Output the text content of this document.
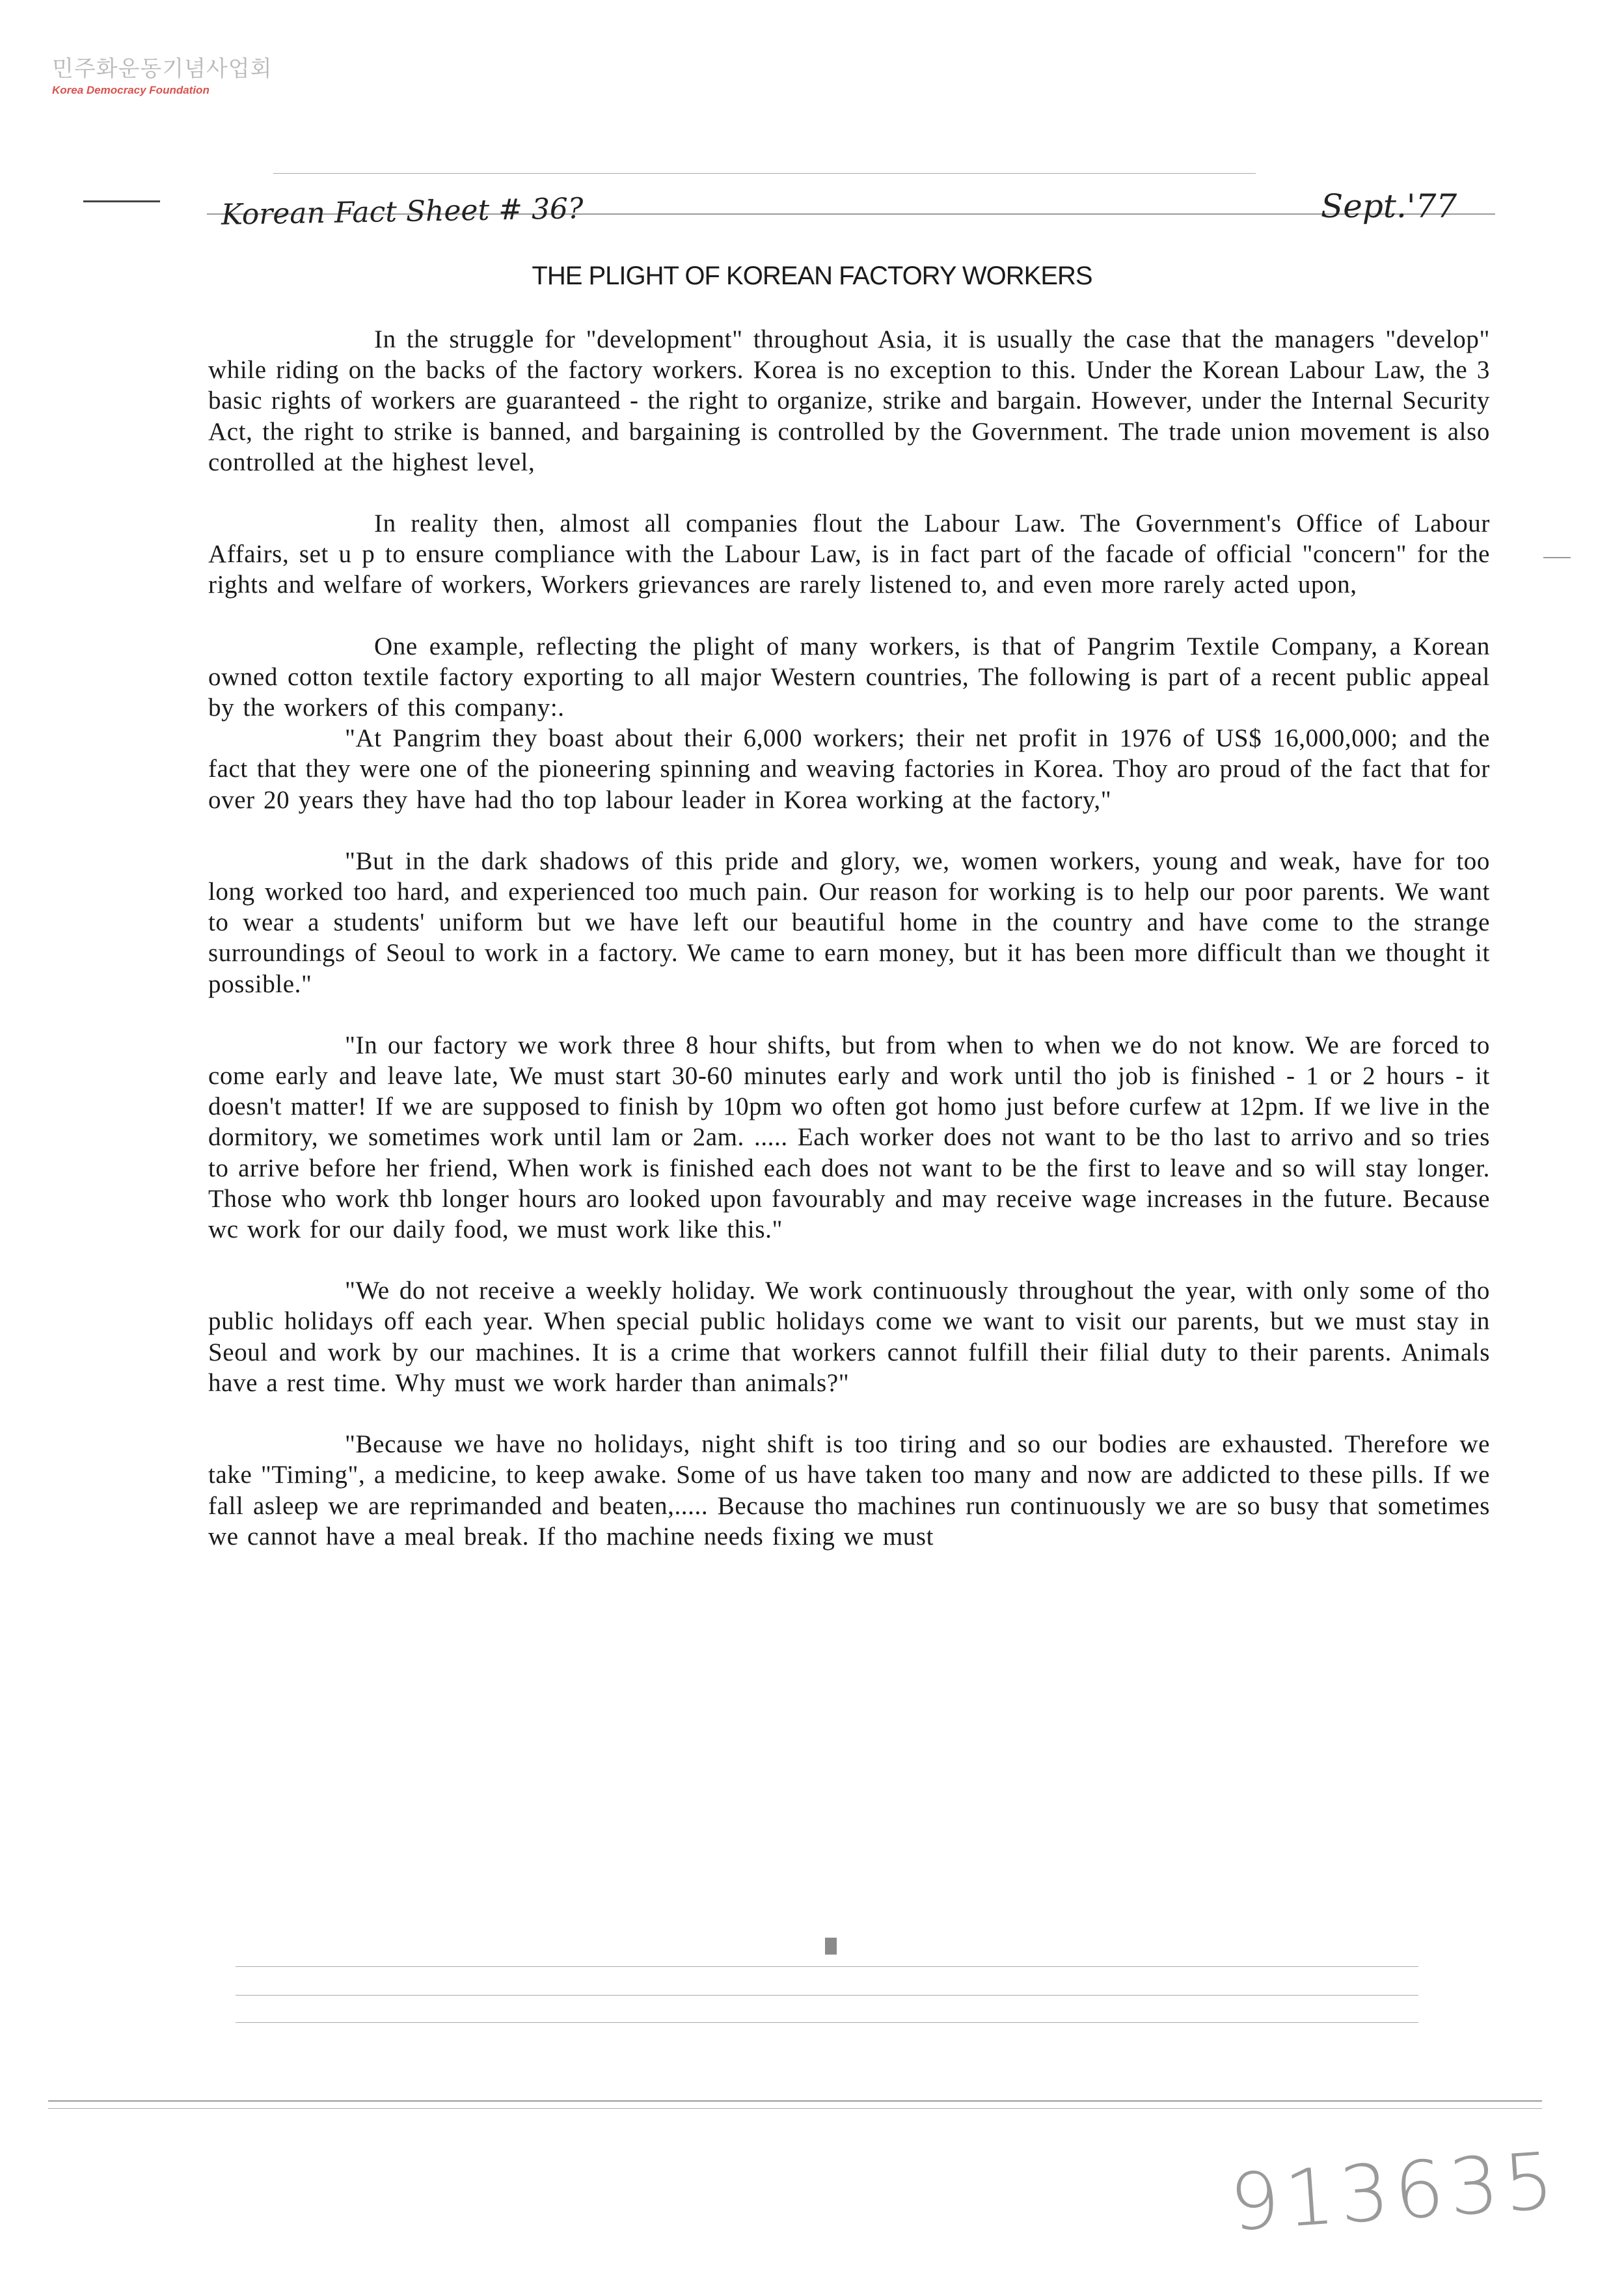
민주화운동기념사업회
Korea Democracy Foundation
Korean Fact Sheet # 36?	Sept.'77
THE PLIGHT OF KOREAN FACTORY WORKERS

In the struggle for "development" throughout Asia, it is usually the case that the managers "develop" while riding on the backs of the factory workers. Korea is no exception to this. Under the Korean Labour Law, the 3 basic rights of workers are guaranteed - the right to organize, strike and bargain. However, under the Internal Security Act, the right to strike is banned, and bargaining is controlled by the Government. The trade union movement is also controlled at the highest level,

In reality then, almost all companies flout the Labour Law. The Government's Office of Labour Affairs, set u p to ensure compliance with the Labour Law, is in fact part of the facade of official "concern" for the rights and welfare of workers, Workers grievances are rarely listened to, and even more rarely acted upon,

One example, reflecting the plight of many workers, is that of Pangrim Textile Company, a Korean owned cotton textile factory exporting to all major Western countries, The following is part of a recent public appeal by the workers of this company:.

"At Pangrim they boast about their 6,000 workers; their net profit in 1976 of US$ 16,000,000; and the fact that they were one of the pioneering spinning and weaving factories in Korea. Thoy aro proud of the fact that for over 20 years they have had tho top labour leader in Korea working at the factory,"

"But in the dark shadows of this pride and glory, we, women workers, young and weak, have for too long worked too hard, and experienced too much pain. Our reason for working is to help our poor parents. We want to wear a students' uniform but we have left our beautiful home in the country and have come to the strange surroundings of Seoul to work in a factory. We came to earn money, but it has been more difficult than we thought it possible."

"In our factory we work three 8 hour shifts, but from when to when we do not know. We are forced to come early and leave late, We must start 30-60 minutes early and work until tho job is finished - 1 or 2 hours - it doesn't matter! If we are supposed to finish by 10pm wo often got homo just before curfew at 12pm. If we live in the dormitory, we sometimes work until lam or 2am. ..... Each worker does not want to be tho last to arrivo and so tries to arrive before her friend, When work is finished each does not want to be the first to leave and so will stay longer. Those who work thb longer hours aro looked upon favourably and may receive wage increases in the future. Because wc work for our daily food, we must work like this."

"We do not receive a weekly holiday. We work continuously throughout the year, with only some of tho public holidays off each year. When special public holidays come we want to visit our parents, but we must stay in Seoul and work by our machines. It is a crime that workers cannot fulfill their filial duty to their parents. Animals have a rest time. Why must we work harder than animals?"

"Because we have no holidays, night shift is too tiring and so our bodies are exhausted. Therefore we take "Timing", a medicine, to keep awake. Some of us have taken too many and now are addicted to these pills. If we fall asleep we are reprimanded and beaten,..... Because tho machines run continuously we are so busy that sometimes we cannot have a meal break. If tho machine needs fixing we must

913635
